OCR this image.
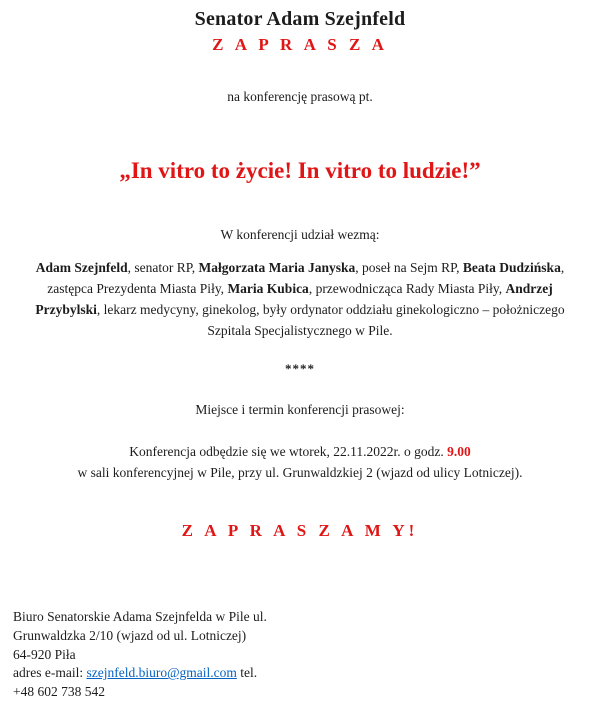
Senator Adam Szejnfeld
Z A P R A S Z A
na konferencję prasową pt.
„In vitro to życie! In vitro to ludzie!”
W konferencji udział wezmą:
Adam Szejnfeld, senator RP, Małgorzata Maria Janyska, poseł na Sejm RP, Beata Dudzińska, zastępca Prezydenta Miasta Piły, Maria Kubica, przewodnicząca Rady Miasta Piły, Andrzej Przybylski, lekarz medycyny, ginekolog, były ordynator oddziału ginekologiczno – położniczego Szpitala Specjalistycznego w Pile.
****
Miejsce i termin konferencji prasowej:
Konferencja odbędzie się we wtorek, 22.11.2022r. o godz. 9.00
w sali konferencyjnej w Pile, przy ul. Grunwaldzkiej 2 (wjazd od ulicy Lotniczej).
Z A P R A S Z A M Y!
Biuro Senatorskie Adama Szejnfelda w Pile ul.
Grunwaldzka 2/10 (wjazd od ul. Lotniczej)
64-920 Piła
adres e-mail: szejnfeld.biuro@gmail.com tel.
+48 602 738 542
